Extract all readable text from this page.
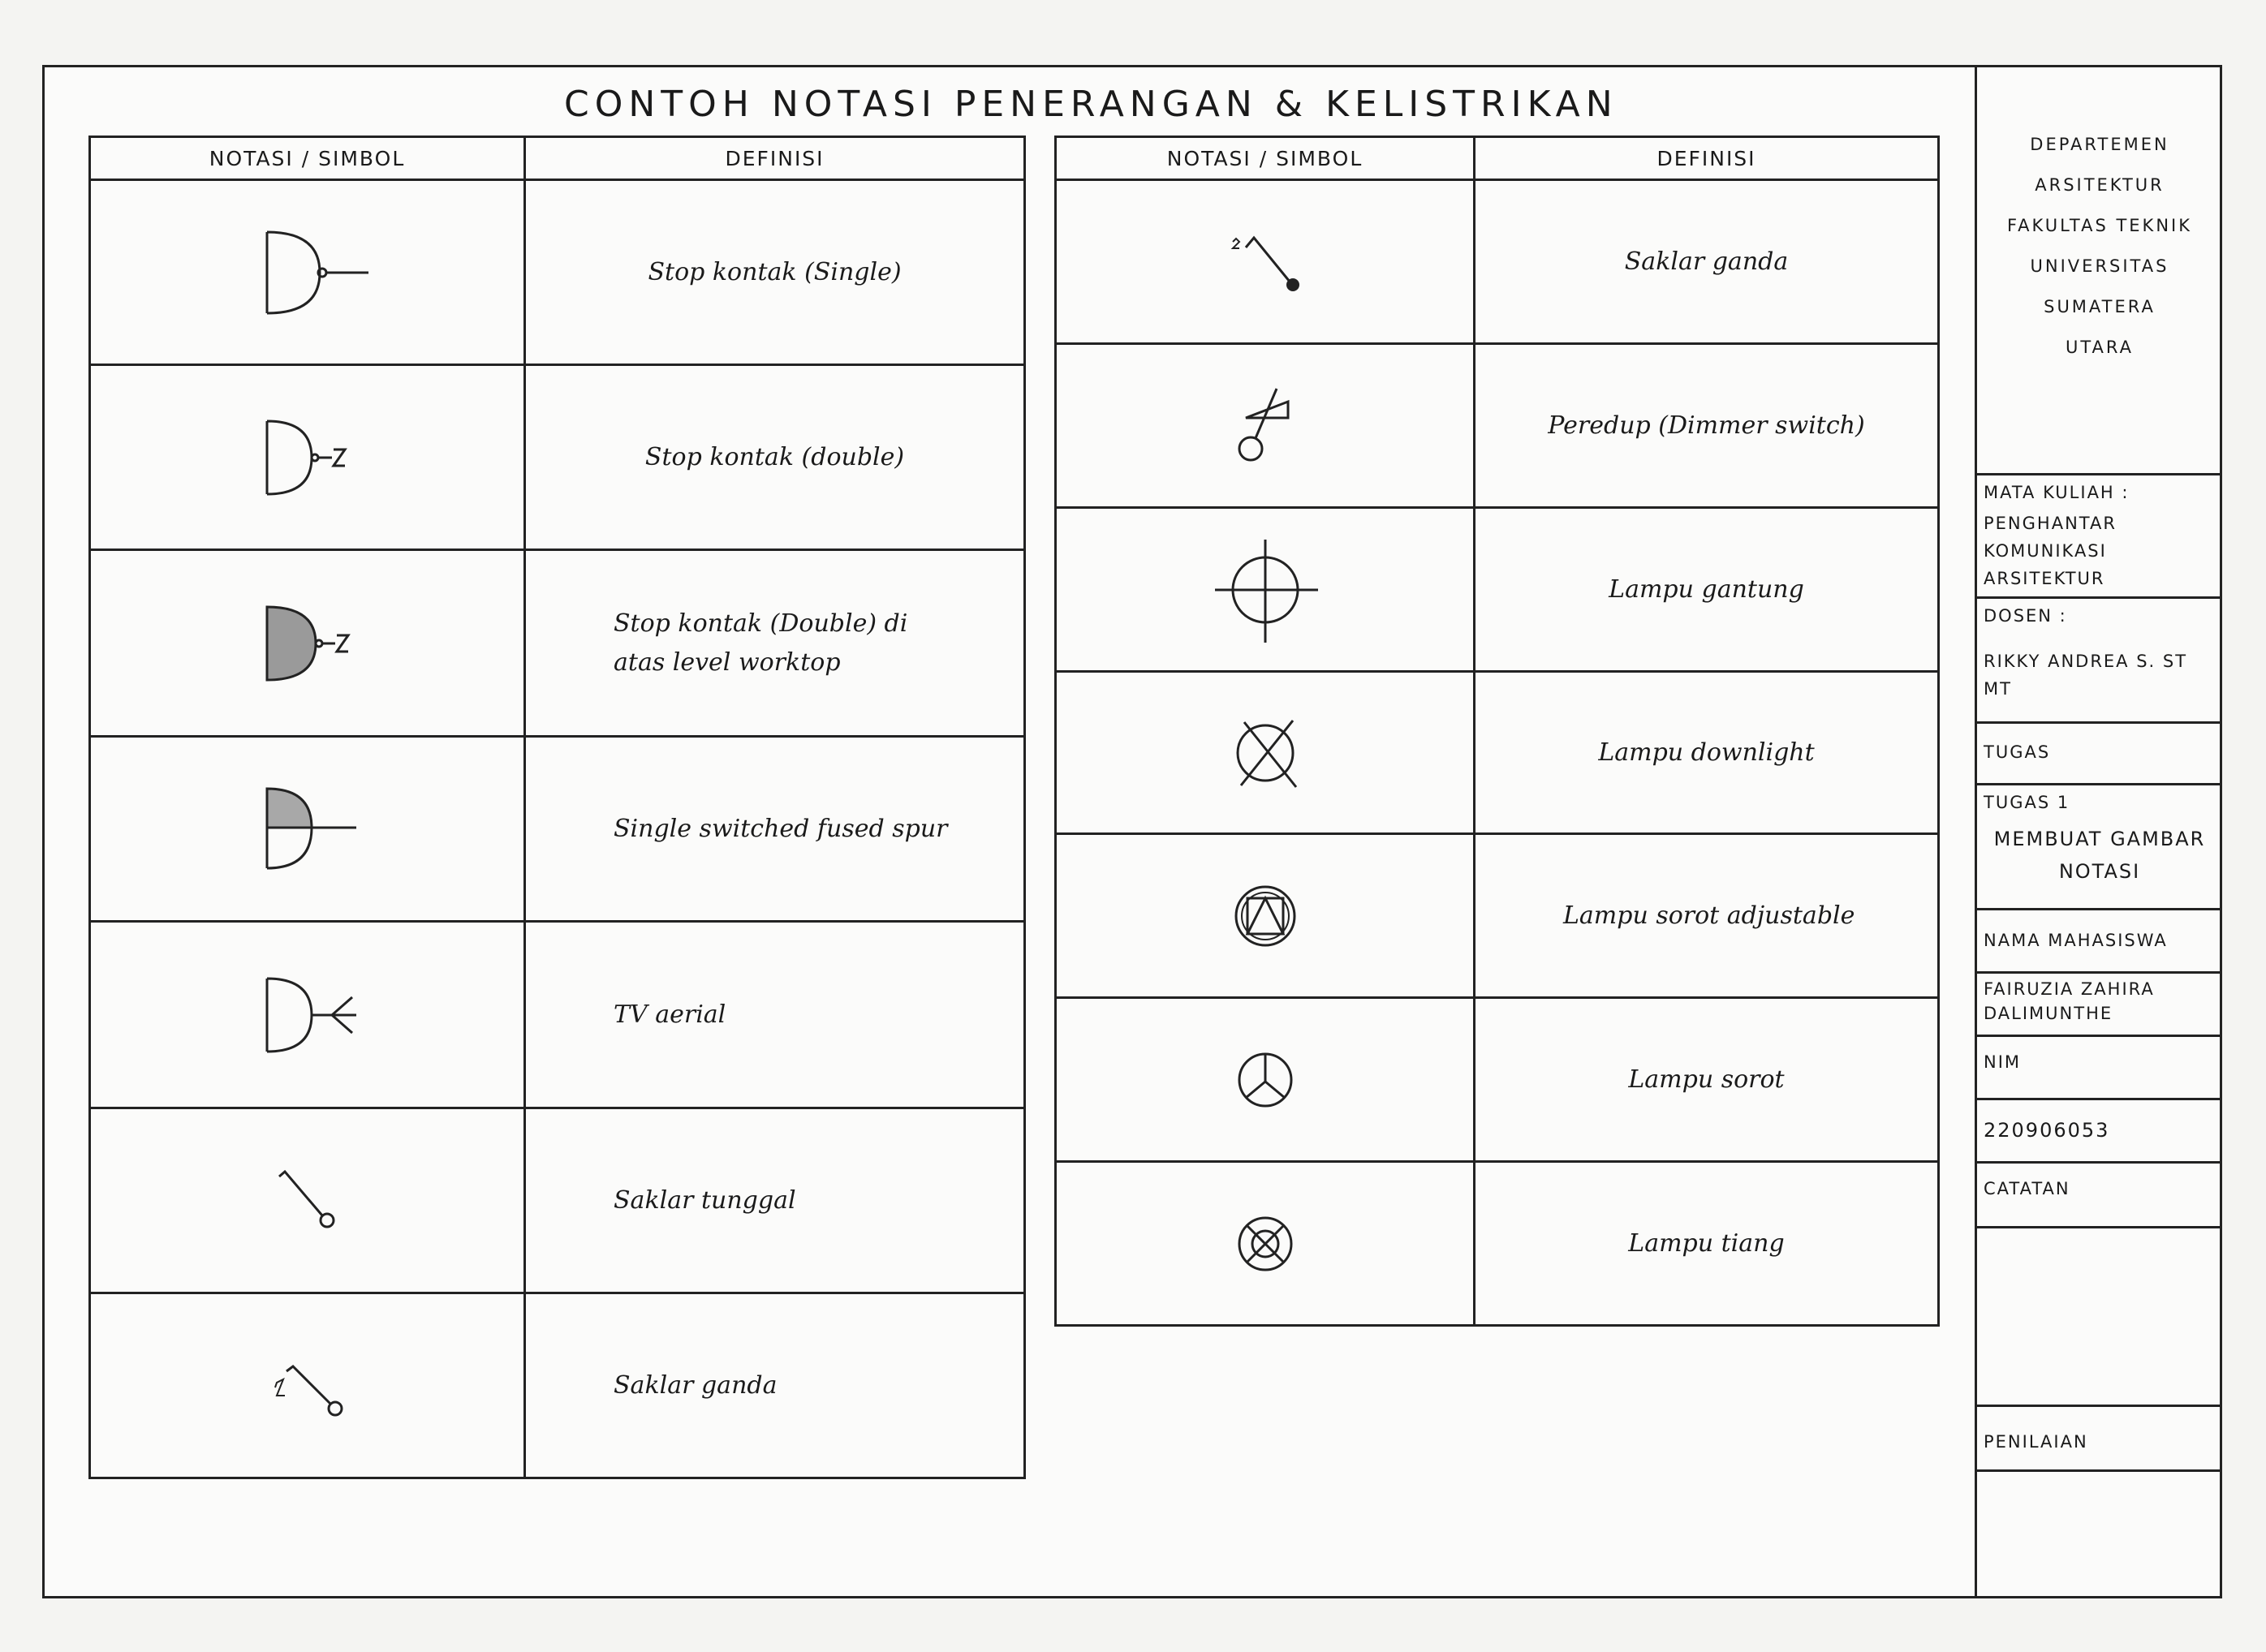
CONTOH NOTASI PENERANGAN & KELISTRIKAN
NOTASI / SIMBOL	DEFINISI
	Stop kontak (Single)
	Stop kontak (double)
	Stop kontak (Double) di atas level worktop
	Single switched fused spur
	TV aerial
	Saklar tunggal
	Saklar ganda
NOTASI / SIMBOL	DEFINISI
	Saklar ganda
	Peredup (Dimmer switch)
	Lampu gantung
	Lampu downlight
	Lampu sorot adjustable
	Lampu sorot
	Lampu tiang
DEPARTEMEN
ARSITEKTUR
FAKULTAS TEKNIK
UNIVERSITAS
SUMATERA
UTARA
MATA KULIAH :
PENGHANTAR KOMUNIKASI ARSITEKTUR
DOSEN :
RIKKY ANDREA S. ST MT
TUGAS
TUGAS 1
MEMBUAT GAMBAR NOTASI
NAMA MAHASISWA
FAIRUZIA ZAHIRA DALIMUNTHE
NIM
220906053
CATATAN
PENILAIAN
